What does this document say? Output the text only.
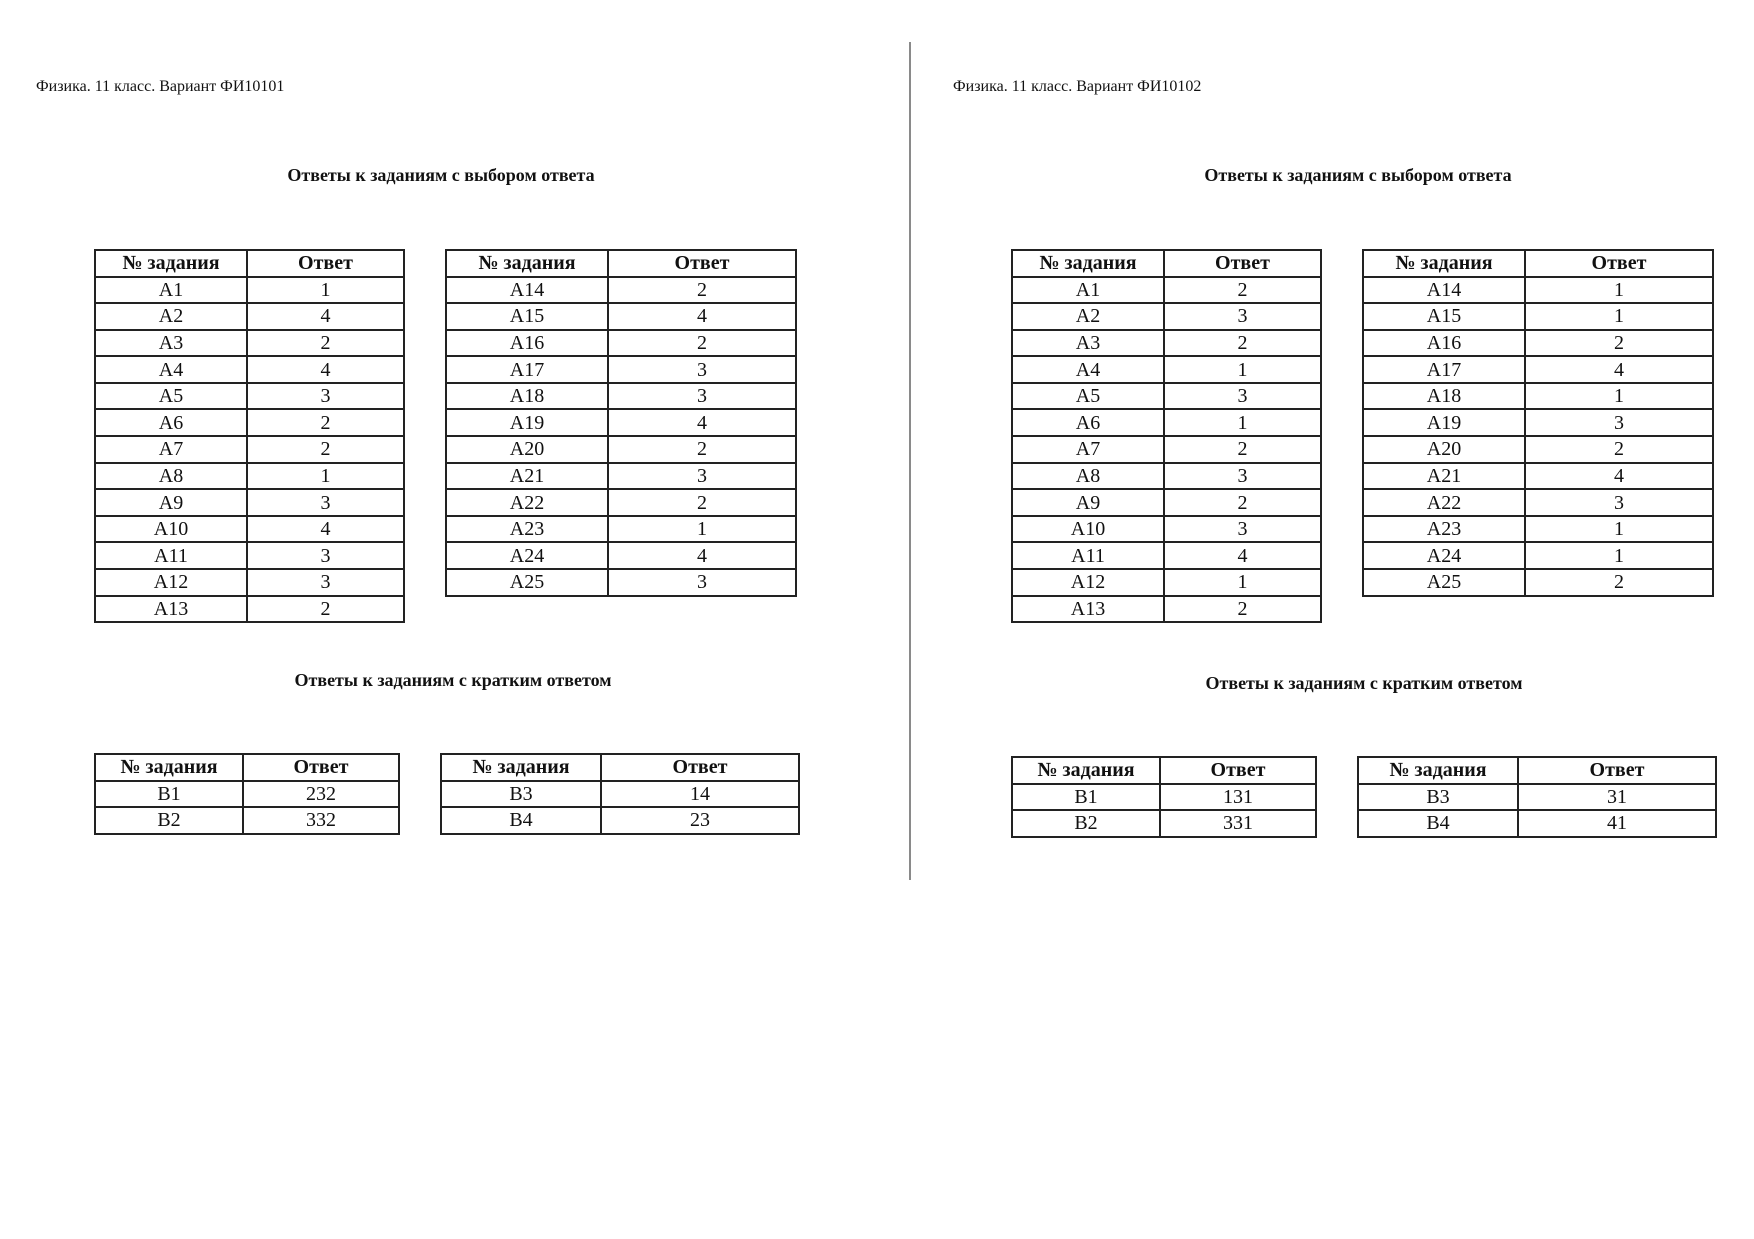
Физика. 11 класс. Вариант ФИ10101
Ответы к заданиям с выбором ответа
№ задания	Ответ
A1	1
A2	4
A3	2
A4	4
A5	3
A6	2
A7	2
A8	1
A9	3
A10	4
A11	3
A12	3
A13	2
№ задания	Ответ
A14	2
A15	4
A16	2
A17	3
A18	3
A19	4
A20	2
A21	3
A22	2
A23	1
A24	4
A25	3
Ответы к заданиям с кратким ответом
№ задания	Ответ
B1	232
B2	332
№ задания	Ответ
B3	14
B4	23
Физика. 11 класс. Вариант ФИ10102
Ответы к заданиям с выбором ответа
№ задания	Ответ
A1	2
A2	3
A3	2
A4	1
A5	3
A6	1
A7	2
A8	3
A9	2
A10	3
A11	4
A12	1
A13	2
№ задания	Ответ
A14	1
A15	1
A16	2
A17	4
A18	1
A19	3
A20	2
A21	4
A22	3
A23	1
A24	1
A25	2
Ответы к заданиям с кратким ответом
№ задания	Ответ
B1	131
B2	331
№ задания	Ответ
B3	31
B4	41
